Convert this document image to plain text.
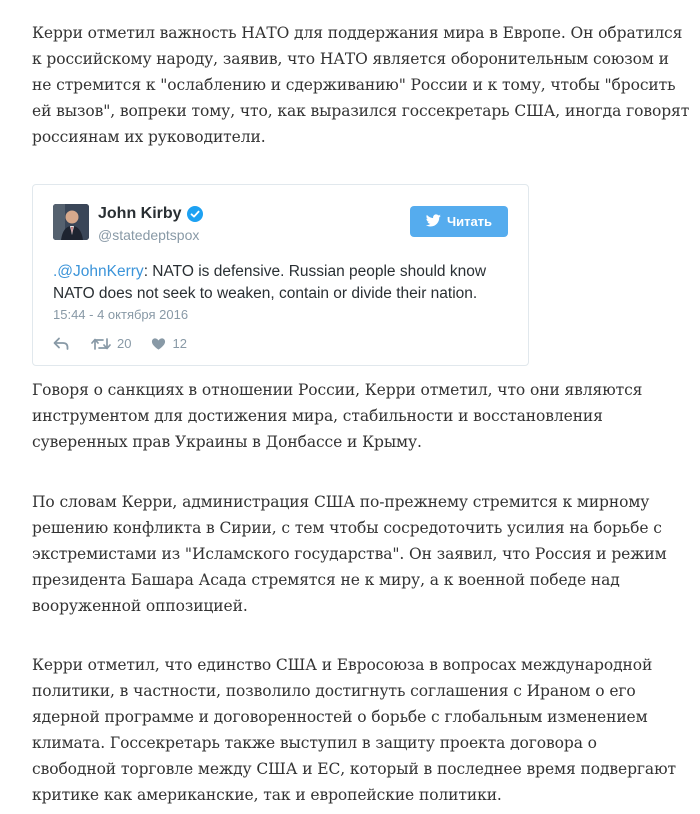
Керри отметил важность НАТО для поддержания мира в Европе. Он обратился к российскому народу, заявив, что НАТО является оборонительным союзом и не стремится к "ослаблению и сдерживанию" России и к тому, чтобы "бросить ей вызов", вопреки тому, что, как выразился госсекретарь США, иногда говорят россиянам их руководители.

John Kirby
@statedeptspox
Читать
.@JohnKerry: NATO is defensive. Russian people should know NATO does not seek to weaken, contain or divide their nation.
15:44 - 4 октября 2016
20	12

Говоря о санкциях в отношении России, Керри отметил, что они являются инструментом для достижения мира, стабильности и восстановления суверенных прав Украины в Донбассе и Крыму.

По словам Керри, администрация США по-прежнему стремится к мирному решению конфликта в Сирии, с тем чтобы сосредоточить усилия на борьбе с экстремистами из "Исламского государства". Он заявил, что Россия и режим президента Башара Асада стремятся не к миру, а к военной победе над вооруженной оппозицией.

Керри отметил, что единство США и Евросоюза в вопросах международной политики, в частности, позволило достигнуть соглашения с Ираном о его ядерной программе и договоренностей о борьбе с глобальным изменением климата. Госсекретарь также выступил в защиту проекта договора о свободной торговле между США и ЕС, который в последнее время подвергают критике как американские, так и европейские политики.
